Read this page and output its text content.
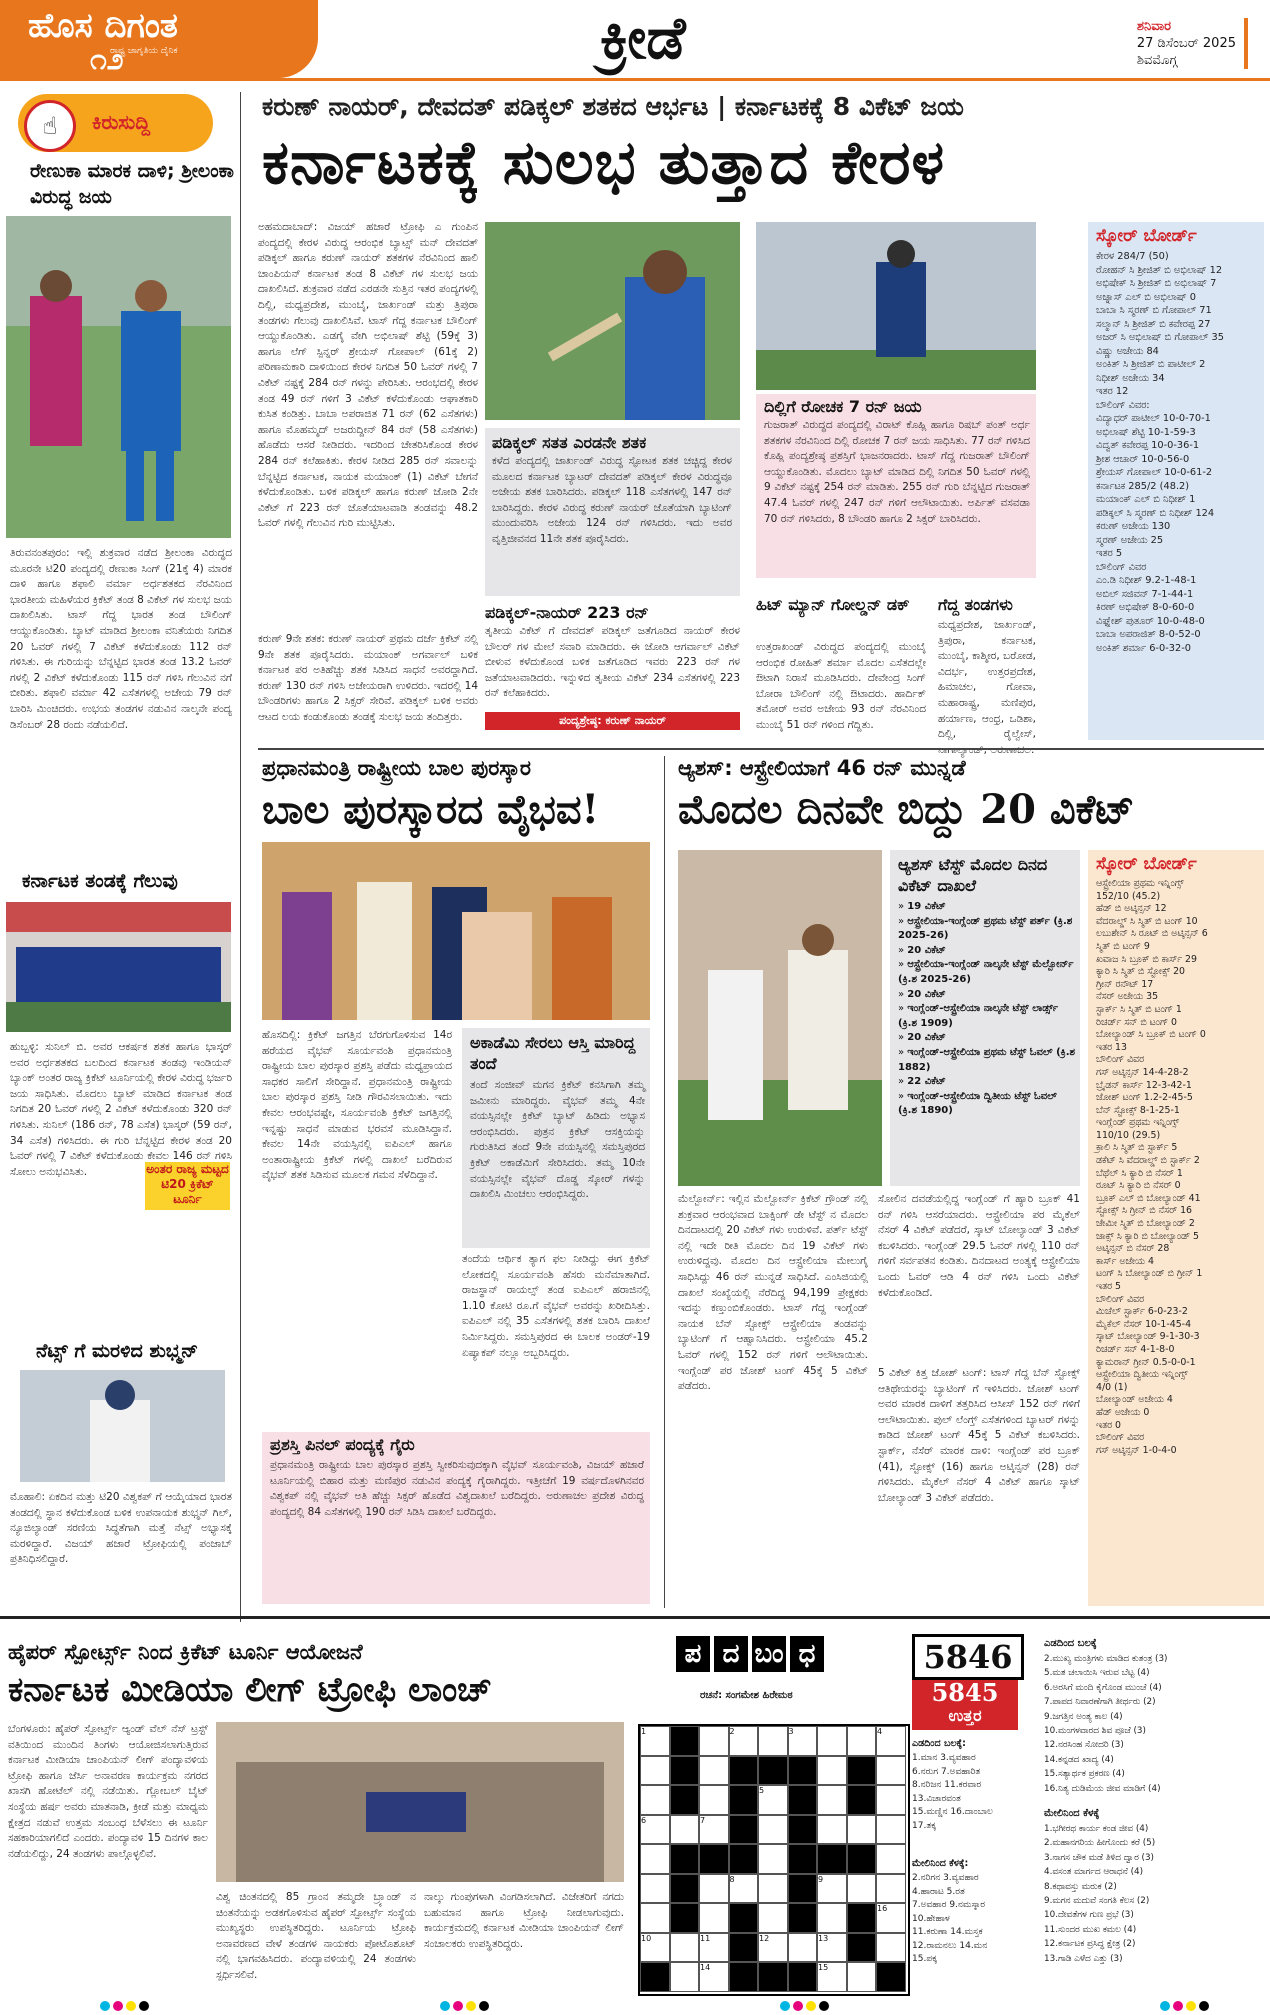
ಹೊಸ ದಿಗಂತ
೧೨
ರಾಷ್ಟ್ರ ಜಾಗೃತಿಯ ದೈನಿಕ	ಕ್ರೀಡೆ	ಶನಿವಾರ
27 ಡಿಸೆಂಬರ್ 2025
ಶಿವಮೊಗ್ಗ
☝	ಕಿರುಸುದ್ದಿ
ರೇಣುಕಾ ಮಾರಕ ದಾಳಿ; ಶ್ರೀಲಂಕಾ ವಿರುದ್ಧ ಜಯ
ತಿರುವನಂತಪುರಂ: ಇಲ್ಲಿ ಶುಕ್ರವಾರ ನಡೆದ ಶ್ರೀಲಂಕಾ ವಿರುದ್ಧದ ಮೂರನೇ ಟಿ20 ಪಂದ್ಯದಲ್ಲಿ ರೇಣುಕಾ ಸಿಂಗ್ (21ಕ್ಕೆ 4) ಮಾರಕ ದಾಳಿ ಹಾಗೂ ಶಫಾಲಿ ವರ್ಮಾ ಅರ್ಧಶತಕದ ನೆರವಿನಿಂದ ಭಾರತೀಯ ಮಹಿಳೆಯರ ಕ್ರಿಕೆಟ್ ತಂಡ 8 ವಿಕೆಟ್ ಗಳ ಸುಲಭ ಜಯ ದಾಖಲಿಸಿತು. ಟಾಸ್ ಗೆದ್ದ ಭಾರತ ತಂಡ ಬೌಲಿಂಗ್ ಆಯ್ದುಕೊಂಡಿತು. ಬ್ಯಾಟ್ ಮಾಡಿದ ಶ್ರೀಲಂಕಾ ವನಿತೆಯರು ನಿಗದಿತ 20 ಓವರ್ ಗಳಲ್ಲಿ 7 ವಿಕೆಟ್ ಕಳೆದುಕೊಂಡು 112 ರನ್ ಗಳಿಸಿತು. ಈ ಗುರಿಯನ್ನು ಬೆನ್ನಟ್ಟಿದ ಭಾರತ ತಂಡ 13.2 ಓವರ್ ಗಳಲ್ಲಿ 2 ವಿಕೆಟ್ ಕಳೆದುಕೊಂಡು 115 ರನ್ ಗಳಿಸಿ ಗೆಲುವಿನ ನಗೆ ಬೀರಿತು. ಶಫಾಲಿ ವರ್ಮಾ 42 ಎಸೆತಗಳಲ್ಲಿ ಅಜೇಯ 79 ರನ್ ಬಾರಿಸಿ ಮಿಂಚಿದರು. ಉಭಯ ತಂಡಗಳ ನಡುವಿನ ನಾಲ್ಕನೇ ಪಂದ್ಯ ಡಿಸೆಂಬರ್ 28 ರಂದು ನಡೆಯಲಿದೆ.
ಕರ್ನಾಟಕ ತಂಡಕ್ಕೆ ಗೆಲುವು
ಹುಬ್ಬಳ್ಳಿ: ಸುನಿಲ್ ಬಿ. ಅವರ ಆಕರ್ಷಕ ಶತಕ ಹಾಗೂ ಭಾಸ್ಕರ್ ಅವರ ಅರ್ಧಶತಕದ ಬಲದಿಂದ ಕರ್ನಾಟಕ ತಂಡವು ಇಂಡಿಯನ್ ಬ್ಯಾಂಕ್ ಅಂತರ ರಾಜ್ಯ ಕ್ರಿಕೆಟ್ ಟೂರ್ನಿಯಲ್ಲಿ ಕೇರಳ ವಿರುದ್ಧ ಭರ್ಜರಿ ಜಯ ಸಾಧಿಸಿತು. ಮೊದಲು ಬ್ಯಾಟ್ ಮಾಡಿದ ಕರ್ನಾಟಕ ತಂಡ ನಿಗದಿತ 20 ಓವರ್ ಗಳಲ್ಲಿ 2 ವಿಕೆಟ್ ಕಳೆದುಕೊಂಡು 320 ರನ್ ಗಳಿಸಿತು. ಸುನಿಲ್ (186 ರನ್, 78 ಎಸೆತ) ಭಾಸ್ಕರ್ (59 ರನ್, 34 ಎಸೆತ) ಗಳಿಸಿದರು. ಈ ಗುರಿ ಬೆನ್ನಟ್ಟಿದ ಕೇರಳ ತಂಡ 20 ಓವರ್ ಗಳಲ್ಲಿ 7 ವಿಕೆಟ್ ಕಳೆದುಕೊಂಡು ಕೇವಲ 146 ರನ್ ಗಳಿಸಿ ಸೋಲು ಅನುಭವಿಸಿತು.	ಅಂತರ ರಾಜ್ಯ ಮಟ್ಟದ ಟಿ20 ಕ್ರಿಕೆಟ್ ಟೂರ್ನಿ
ನೆಟ್ಸ್ ಗೆ ಮರಳಿದ ಶುಭ್ಮನ್
ಮೊಹಾಲಿ: ಏಕದಿನ ಮತ್ತು ಟಿ20 ವಿಶ್ವಕಪ್ ಗೆ ಆಯ್ಕೆಯಾದ ಭಾರತ ತಂಡದಲ್ಲಿ ಸ್ಥಾನ ಕಳೆದುಕೊಂಡ ಬಳಿಕ ಉಪನಾಯಕ ಶುಭ್ಮನ್ ಗಿಲ್, ನ್ಯೂಜಿಲ್ಯಾಂಡ್ ಸರಣಿಯ ಸಿದ್ಧತೆಗಾಗಿ ಮತ್ತೆ ನೆಟ್ಸ್ ಅಭ್ಯಾಸಕ್ಕೆ ಮರಳಿದ್ದಾರೆ. ವಿಜಯ್ ಹಜಾರೆ ಟ್ರೋಫಿಯಲ್ಲಿ ಪಂಜಾಬ್ ಪ್ರತಿನಿಧಿಸಲಿದ್ದಾರೆ.
ಕರುಣ್ ನಾಯರ್, ದೇವದತ್ ಪಡಿಕ್ಕಲ್ ಶತಕದ ಆರ್ಭಟ | ಕರ್ನಾಟಕಕ್ಕೆ 8 ವಿಕೆಟ್ ಜಯ
ಕರ್ನಾಟಕಕ್ಕೆ ಸುಲಭ ತುತ್ತಾದ ಕೇರಳ
ಅಹಮದಾಬಾದ್: ವಿಜಯ್ ಹಜಾರೆ ಟ್ರೋಫಿ ಎ ಗುಂಪಿನ ಪಂದ್ಯದಲ್ಲಿ ಕೇರಳ ವಿರುದ್ಧ ಆರಂಭಿಕ ಬ್ಯಾಟ್ಸ್ ಮನ್ ದೇವದತ್ ಪಡಿಕ್ಕಲ್ ಹಾಗೂ ಕರುಣ್ ನಾಯರ್ ಶತಕಗಳ ನೆರವಿನಿಂದ ಹಾಲಿ ಚಾಂಪಿಯನ್ ಕರ್ನಾಟಕ ತಂಡ 8 ವಿಕೆಟ್ ಗಳ ಸುಲಭ ಜಯ ದಾಖಲಿಸಿದೆ. ಶುಕ್ರವಾರ ನಡೆದ ಎರಡನೇ ಸುತ್ತಿನ ಇತರ ಪಂದ್ಯಗಳಲ್ಲಿ ದಿಲ್ಲಿ, ಮಧ್ಯಪ್ರದೇಶ, ಮುಂಬೈ, ಜಾರ್ಖಂಡ್ ಮತ್ತು ತ್ರಿಪುರಾ ತಂಡಗಳು ಗೆಲುವು ದಾಖಲಿಸಿವೆ. ಟಾಸ್ ಗೆದ್ದ ಕರ್ನಾಟಕ ಬೌಲಿಂಗ್ ಆಯ್ದುಕೊಂಡಿತು. ಎಡಗೈ ವೇಗಿ ಅಭಿಲಾಷ್ ಶೆಟ್ಟಿ (59ಕ್ಕೆ 3) ಹಾಗೂ ಲೆಗ್ ಸ್ಪಿನ್ನರ್ ಶ್ರೇಯಸ್ ಗೋಪಾಲ್ (61ಕ್ಕೆ 2) ಪರಿಣಾಮಕಾರಿ ದಾಳಿಯಿಂದ ಕೇರಳ ನಿಗದಿತ 50 ಓವರ್ ಗಳಲ್ಲಿ 7 ವಿಕೆಟ್ ನಷ್ಟಕ್ಕೆ 284 ರನ್ ಗಳನ್ನು ಪೇರಿಸಿತು. ಆರಂಭದಲ್ಲಿ ಕೇರಳ ತಂಡ 49 ರನ್ ಗಳಿಗೆ 3 ವಿಕೆಟ್ ಕಳೆದುಕೊಂಡು ಆಘಾತಕಾರಿ ಕುಸಿತ ಕಂಡಿತ್ತು. ಬಾಬಾ ಅಪರಾಜಿತ 71 ರನ್ (62 ಎಸೆತಗಳು) ಹಾಗೂ ಮೊಹಮ್ಮದ್ ಅಜರುದ್ದೀನ್ 84 ರನ್ (58 ಎಸೆತಗಳು) ಹೊಡೆದು ಆಸರೆ ನೀಡಿದರು. ಇದರಿಂದ ಚೇತರಿಸಿಕೊಂಡ ಕೇರಳ 284 ರನ್ ಕಲೆಹಾಕಿತು. ಕೇರಳ ನೀಡಿದ 285 ರನ್ ಸವಾಲನ್ನು ಬೆನ್ನಟ್ಟಿದ ಕರ್ನಾಟಕ, ನಾಯಕ ಮಯಾಂಕ್ (1) ವಿಕೆಟ್ ಬೇಗನೆ ಕಳೆದುಕೊಂಡಿತು. ಬಳಿಕ ಪಡಿಕ್ಕಲ್ ಹಾಗೂ ಕರುಣ್ ಜೋಡಿ 2ನೇ ವಿಕೆಟ್ ಗೆ 223 ರನ್ ಜೊತೆಯಾಟವಾಡಿ ತಂಡವನ್ನು 48.2 ಓವರ್ ಗಳಲ್ಲಿ ಗೆಲುವಿನ ಗುರಿ ಮುಟ್ಟಿಸಿತು.
ಕರುಣ್ 9ನೇ ಶತಕ: ಕರುಣ್ ನಾಯರ್ ಪ್ರಥಮ ದರ್ಜೆ ಕ್ರಿಕೆಟ್ ನಲ್ಲಿ 9ನೇ ಶತಕ ಪೂರೈಸಿದರು. ಮಯಾಂಕ್ ಅಗರ್ವಾಲ್ ಬಳಿಕ ಕರ್ನಾಟಕ ಪರ ಅತಿಹೆಚ್ಚು ಶತಕ ಸಿಡಿಸಿದ ಸಾಧನೆ ಅವರದ್ದಾಗಿದೆ. ಕರುಣ್ 130 ರನ್ ಗಳಿಸಿ ಅಜೇಯರಾಗಿ ಉಳಿದರು. ಇದರಲ್ಲಿ 14 ಬೌಂಡರಿಗಳು ಹಾಗೂ 2 ಸಿಕ್ಸರ್ ಸೇರಿವೆ. ಪಡಿಕ್ಕಲ್ ಬಳಿಕ ಅವರು ಆಟದ ಲಯ ಕಂಡುಕೊಂಡು ತಂಡಕ್ಕೆ ಸುಲಭ ಜಯ ತಂದಿತ್ತರು.
ಪಡಿಕ್ಕಲ್ ಸತತ ಎರಡನೇ ಶತಕ
ಕಳೆದ ಪಂದ್ಯದಲ್ಲಿ ಜಾರ್ಖಂಡ್ ವಿರುದ್ಧ ಸ್ಫೋಟಕ ಶತಕ ಚಚ್ಚಿದ್ದ ಕೇರಳ ಮೂಲದ ಕರ್ನಾಟಕ ಬ್ಯಾಟರ್ ದೇವದತ್ ಪಡಿಕ್ಕಲ್ ಕೇರಳ ವಿರುದ್ಧವೂ ಅಜೇಯ ಶತಕ ಬಾರಿಸಿದರು. ಪಡಿಕ್ಕಲ್ 118 ಎಸೆತಗಳಲ್ಲಿ 147 ರನ್ ಬಾರಿಸಿದ್ದರು. ಕೇರಳ ವಿರುದ್ಧ ಕರುಣ್ ನಾಯರ್ ಜೊತೆಯಾಗಿ ಬ್ಯಾಟಿಂಗ್ ಮುಂದುವರಿಸಿ ಅಜೇಯ 124 ರನ್ ಗಳಿಸಿದರು. ಇದು ಅವರ ವೃತ್ತಿಜೀವನದ 11ನೇ ಶತಕ ಪೂರೈಸಿದರು.
ಪಡಿಕ್ಕಲ್-ನಾಯರ್ 223 ರನ್
ತೃತೀಯ ವಿಕೆಟ್ ಗೆ ದೇವದತ್ ಪಡಿಕ್ಕಲ್ ಜತೆಗೂಡಿದ ನಾಯರ್ ಕೇರಳ ಬೌಲರ್ ಗಳ ಮೇಲೆ ಸವಾರಿ ಮಾಡಿದರು. ಈ ಜೋಡಿ ಆಗರ್ವಾಲ್ ವಿಕೆಟ್ ಬೀಳುವ ಕಳೆದುಕೊಂಡ ಬಳಿಕ ಜತೆಗೂಡಿದ ಇವರು 223 ರನ್ ಗಳ ಜತೆಯಾಟವಾಡಿದರು. ಇನ್ನುಳಿದ ತೃತೀಯ ವಿಕೆಟ್ 234 ಎಸೆತಗಳಲ್ಲಿ 223 ರನ್ ಕಲೆಹಾಕಿದರು.
ಪಂದ್ಯಶ್ರೇಷ್ಠ: ಕರುಣ್ ನಾಯರ್
ದಿಲ್ಲಿಗೆ ರೋಚಕ 7 ರನ್ ಜಯ
ಗುಜರಾತ್ ವಿರುದ್ಧದ ಪಂದ್ಯದಲ್ಲಿ ವಿರಾಟ್ ಕೊಹ್ಲಿ ಹಾಗೂ ರಿಷಬ್ ಪಂತ್ ಅರ್ಧ ಶತಕಗಳ ನೆರವಿನಿಂದ ದಿಲ್ಲಿ ರೋಚಕ 7 ರನ್ ಜಯ ಸಾಧಿಸಿತು. 77 ರನ್ ಗಳಿಸಿದ ಕೊಹ್ಲಿ ಪಂದ್ಯಶ್ರೇಷ್ಠ ಪ್ರಶಸ್ತಿಗೆ ಭಾಜನರಾದರು. ಟಾಸ್ ಗೆದ್ದ ಗುಜರಾತ್ ಬೌಲಿಂಗ್ ಆಯ್ದುಕೊಂಡಿತು. ಮೊದಲು ಬ್ಯಾಟ್ ಮಾಡಿದ ದಿಲ್ಲಿ ನಿಗದಿತ 50 ಓವರ್ ಗಳಲ್ಲಿ 9 ವಿಕೆಟ್ ನಷ್ಟಕ್ಕೆ 254 ರನ್ ಮಾಡಿತು. 255 ರನ್ ಗುರಿ ಬೆನ್ನಟ್ಟಿದ ಗುಜರಾತ್ 47.4 ಓವರ್ ಗಳಲ್ಲಿ 247 ರನ್ ಗಳಿಗೆ ಆಲೌಟಾಯಿತು. ಅರ್ಪಿತ್ ವಸವಡಾ 70 ರನ್ ಗಳಿಸಿದರು, 8 ಬೌಂಡರಿ ಹಾಗೂ 2 ಸಿಕ್ಸರ್ ಬಾರಿಸಿದರು.
ಹಿಟ್ ಮ್ಯಾನ್ ಗೋಲ್ಡನ್ ಡಕ್
ಉತ್ತರಾಖಂಡ್ ವಿರುದ್ಧದ ಪಂದ್ಯದಲ್ಲಿ ಮುಂಬೈ ಆರಂಭಿಕ ರೋಹಿತ್ ಶರ್ಮಾ ಮೊದಲ ಎಸೆತದಲ್ಲೇ ಔಟಾಗಿ ನಿರಾಸೆ ಮೂಡಿಸಿದರು. ದೇವೇಂದ್ರ ಸಿಂಗ್ ಬೋರಾ ಬೌಲಿಂಗ್ ನಲ್ಲಿ ಔಟಾದರು. ಹಾರ್ದಿಕ್ ತಮೋರ್ ಅವರ ಅಜೇಯ 93 ರನ್ ನೆರವಿನಿಂದ ಮುಂಬೈ 51 ರನ್ ಗಳಿಂದ ಗೆದ್ದಿತು.
ಗೆದ್ದ ತಂಡಗಳು
ಮಧ್ಯಪ್ರದೇಶ, ಜಾರ್ಖಂಡ್, ತ್ರಿಪುರಾ, ಕರ್ನಾಟಕ, ಮುಂಬೈ, ಕಾಶ್ಮೀರ, ಬರೋಡ, ವಿದರ್ಭ, ಉತ್ತರಪ್ರದೇಶ, ಹಿಮಾಚಲ, ಗೋವಾ, ಮಹಾರಾಷ್ಟ್ರ, ಮಣಿಪುರ, ಹರ್ಯಾಣ, ಆಂಧ್ರ, ಒಡಿಶಾ, ದಿಲ್ಲಿ, ರೈಲ್ವೇಸ್,
ಸ್ಕೋರ್ ಬೋರ್ಡ್
ಕೇರಳ 284/7 (50)
ರೋಹನ್ ಸಿ ಶ್ರೀಜಿತ್ ಬಿ ಅಭಿಲಾಷ್ 12
ಅಭಿಷೇಕ್ ಸಿ ಶ್ರೀಜಿತ್ ಬಿ ಅಭಿಲಾಷ್ 7
ಅಜ್ನಾಸ್ ಎಲ್ ಬಿ ಅಭಿಲಾಷ್ 0
ಬಾಬಾ ಸಿ ಸ್ಮರಣ್ ಬಿ ಗೋಪಾಲ್ 71
ಸಲ್ಮಾನ್ ಸಿ ಶ್ರೀಜಿತ್ ಬಿ ಕವೇರಪ್ಪ 27
ಅಜರ್ ಸಿ ಅಭಿಲಾಷ್ ಬಿ ಗೋಪಾಲ್ 35
ವಿಷ್ಣು ಅಜೇಯ 84
ಅಂಕಿತ್ ಸಿ ಶ್ರೀಜಿತ್ ಬಿ ಪಾಟೀಲ್ 2
ನಿಧೀಶ್ ಅಜೇಯ 34
ಇತರ 12
ಬೌಲಿಂಗ್ ವಿವರ:
ವಿದ್ಯಾಧರ್ ಪಾಟೀಲ್ 10-0-70-1
ಅಭಿಲಾಷ್ ಶೆಟ್ಟಿ 10-1-59-3
ವಿದ್ವತ್ ಕವೇರಪ್ಪ 10-0-36-1
ಶ್ರೀಶ ಆಚಾರ್ 10-0-56-0
ಶ್ರೇಯಸ್ ಗೋಪಾಲ್ 10-0-61-2
ಕರ್ನಾಟಕ 285/2 (48.2)
ಮಯಾಂಕ್ ಎಲ್ ಬಿ ನಿಧೀಶ್ 1
ಪಡಿಕ್ಕಲ್ ಸಿ ಸ್ಮರಣ್ ಬಿ ನಿಧೀಶ್ 124
ಕರುಣ್ ಅಜೇಯ 130
ಸ್ಮರಣ್ ಅಜೇಯ 25
ಇತರ 5
ಬೌಲಿಂಗ್ ವಿವರ
ಎಂ.ಡಿ ನಿಧೀಶ್ 9.2-1-48-1
ಅಬಿಲ್ ಸಜಿವನ್ 7-1-44-1
ಕಿರಣ್ ಅಭಿಷೇಕ್ 8-0-60-0
ವಿಘ್ನೇಶ್ ಪುತೂರ್ 10-0-48-0
ಬಾಬಾ ಅಪರಾಜಿತ್ 8-0-52-0
ಅಂಕಿತ್ ಶರ್ಮಾ 6-0-32-0
ಪ್ರಧಾನಮಂತ್ರಿ ರಾಷ್ಟ್ರೀಯ ಬಾಲ ಪುರಸ್ಕಾರ
ಬಾಲ ಪುರಸ್ಕಾರದ ವೈಭವ!
ಹೊಸದಿಲ್ಲಿ: ಕ್ರಿಕೆಟ್ ಜಗತ್ತಿನ ಬೆರಗುಗೊಳಿಸುವ 14ರ ಹರೆಯದ ವೈಭವ್ ಸೂರ್ಯವಂಶಿ ಪ್ರಧಾನಮಂತ್ರಿ ರಾಷ್ಟ್ರೀಯ ಬಾಲ ಪುರಸ್ಕಾರ ಪ್ರಶಸ್ತಿ ಪಡೆದು ಮಧ್ಯಪ್ರಾಯದ ಸಾಧಕರ ಸಾಲಿಗೆ ಸೇರಿದ್ದಾನೆ. ಪ್ರಧಾನಮಂತ್ರಿ ರಾಷ್ಟ್ರೀಯ ಬಾಲ ಪುರಸ್ಕಾರ ಪ್ರಶಸ್ತಿ ನೀಡಿ ಗೌರವಿಸಲಾಯಿತು. ಇದು ಕೇವಲ ಆರಂಭವಷ್ಟೇ, ಸೂರ್ಯವಂಶಿ ಕ್ರಿಕೆಟ್ ಜಗತ್ತಿನಲ್ಲಿ ಇನ್ನಷ್ಟು ಸಾಧನೆ ಮಾಡುವ ಭರವಸೆ ಮೂಡಿಸಿದ್ದಾನೆ. ಕೇವಲ 14ನೇ ವಯಸ್ಸಿನಲ್ಲಿ ಐಪಿಎಲ್ ಹಾಗೂ ಅಂತಾರಾಷ್ಟ್ರೀಯ ಕ್ರಿಕೆಟ್ ಗಳಲ್ಲಿ ದಾಖಲೆ ಬರೆದಿರುವ ವೈಭವ್ ಶತಕ ಸಿಡಿಸುವ ಮೂಲಕ ಗಮನ ಸೆಳೆದಿದ್ದಾನೆ.
ಅಕಾಡೆಮಿ ಸೇರಲು ಆಸ್ತಿ ಮಾರಿದ್ದ ತಂದೆ
ತಂದೆ ಸಂಜೀವ್ ಮಗನ ಕ್ರಿಕೆಟ್ ಕನಸಿಗಾಗಿ ತಮ್ಮ ಜಮೀನು ಮಾರಿದ್ದರು. ವೈಭವ್ ತಮ್ಮ 4ನೇ ವಯಸ್ಸಿನಲ್ಲೇ ಕ್ರಿಕೆಟ್ ಬ್ಯಾಟ್ ಹಿಡಿದು ಅಭ್ಯಾಸ ಆರಂಭಿಸಿದರು. ಪುತ್ರನ ಕ್ರಿಕೆಟ್ ಆಸಕ್ತಿಯನ್ನು ಗುರುತಿಸಿದ ತಂದೆ 9ನೇ ವಯಸ್ಸಿನಲ್ಲಿ ಸಮಸ್ತಿಪುರದ ಕ್ರಿಕೆಟ್ ಅಕಾಡೆಮಿಗೆ ಸೇರಿಸಿದರು. ತಮ್ಮ 10ನೇ ವಯಸ್ಸಿನಲ್ಲೇ ವೈಭವ್ ದೊಡ್ಡ ಸ್ಕೋರ್ ಗಳನ್ನು ದಾಖಲಿಸಿ ಮಿಂಚಲು ಆರಂಭಿಸಿದ್ದರು.
ತಂದೆಯ ಆರ್ಥಿಕ ತ್ಯಾಗ ಫಲ ನೀಡಿದ್ದು ಈಗ ಕ್ರಿಕೆಟ್ ಲೋಕದಲ್ಲಿ ಸೂರ್ಯವಂಶಿ ಹೆಸರು ಮನೆಮಾತಾಗಿದೆ. ರಾಜಸ್ಥಾನ್ ರಾಯಲ್ಸ್ ತಂಡ ಐಪಿಎಲ್ ಹರಾಜಿನಲ್ಲಿ 1.10 ಕೋಟಿ ರೂ.ಗೆ ವೈಭವ್ ಅವರನ್ನು ಖರೀದಿಸಿತ್ತು. ಐಪಿಎಲ್ ನಲ್ಲಿ 35 ಎಸೆತಗಳಲ್ಲಿ ಶತಕ ಬಾರಿಸಿ ದಾಖಲೆ ನಿರ್ಮಿಸಿದ್ದರು. ಸಮಸ್ತಿಪುರದ ಈ ಬಾಲಕ ಅಂಡರ್-19 ಏಷ್ಯಾಕಪ್ ನಲ್ಲೂ ಅಬ್ಬರಿಸಿದ್ದರು.
ಪ್ರಶಸ್ತಿ ಪಿನಲ್ ಪಂದ್ಯಕ್ಕೆ ಗೈರು
ಪ್ರಧಾನಮಂತ್ರಿ ರಾಷ್ಟ್ರೀಯ ಬಾಲ ಪುರಸ್ಕಾರ ಪ್ರಶಸ್ತಿ ಸ್ವೀಕರಿಸುವುದಕ್ಕಾಗಿ ವೈಭವ್ ಸೂರ್ಯವಂಶಿ, ವಿಜಯ್ ಹಜಾರೆ ಟೂರ್ನಿಯಲ್ಲಿ ಬಿಹಾರ ಮತ್ತು ಮಣಿಪುರ ನಡುವಿನ ಪಂದ್ಯಕ್ಕೆ ಗೈರಾಗಿದ್ದರು. ಇತ್ತೀಚೆಗೆ 19 ವರ್ಷದೊಳಗಿನವರ ವಿಶ್ವಕಪ್ ನಲ್ಲಿ ವೈಭವ್ ಅತಿ ಹೆಚ್ಚು ಸಿಕ್ಸರ್ ಹೊಡೆದ ವಿಶ್ವದಾಖಲೆ ಬರೆದಿದ್ದರು. ಅರುಣಾಚಲ ಪ್ರದೇಶ ವಿರುದ್ಧ ಪಂದ್ಯದಲ್ಲಿ 84 ಎಸೆತಗಳಲ್ಲಿ 190 ರನ್ ಸಿಡಿಸಿ ದಾಖಲೆ ಬರೆದಿದ್ದರು.
ಆ್ಯಶಸ್: ಆಸ್ಟ್ರೇಲಿಯಾಗೆ 46 ರನ್ ಮುನ್ನಡೆ
ಮೊದಲ ದಿನವೇ ಬಿದ್ದು 20 ವಿಕೆಟ್
ಆ್ಯಶಸ್ ಟೆಸ್ಟ್ ಮೊದಲ ದಿನದ ವಿಕೆಟ್ ದಾಖಲೆ
» 19 ವಿಕೆಟ್
» ಆಸ್ಟ್ರೇಲಿಯಾ-ಇಂಗ್ಲೆಂಡ್ ಪ್ರಥಮ ಟೆಸ್ಟ್ ಪರ್ತ್ (ಕ್ರಿ.ಶ 2025-26)
» 20 ವಿಕೆಟ್
» ಆಸ್ಟ್ರೇಲಿಯಾ-ಇಂಗ್ಲೆಂಡ್ ನಾಲ್ಕನೇ ಟೆಸ್ಟ್ ಮೆಲ್ಬೋರ್ನ್ (ಕ್ರಿ.ಶ 2025-26)
» 20 ವಿಕೆಟ್
» ಇಂಗ್ಲೆಂಡ್-ಆಸ್ಟ್ರೇಲಿಯಾ ನಾಲ್ಕನೇ ಟೆಸ್ಟ್ ಲಾರ್ಡ್ಸ್ (ಕ್ರಿ.ಶ 1909)
» 20 ವಿಕೆಟ್
» ಇಂಗ್ಲೆಂಡ್-ಆಸ್ಟ್ರೇಲಿಯಾ ಪ್ರಥಮ ಟೆಸ್ಟ್ ಓವಲ್ (ಕ್ರಿ.ಶ 1882)
» 22 ವಿಕೆಟ್
» ಇಂಗ್ಲೆಂಡ್-ಆಸ್ಟ್ರೇಲಿಯಾ ದ್ವಿತೀಯ ಟೆಸ್ಟ್ ಓವಲ್ (ಕ್ರಿ.ಶ 1890)
ಮೆಲ್ಬೋರ್ನ್: ಇಲ್ಲಿನ ಮೆಲ್ಬೋರ್ನ್ ಕ್ರಿಕೆಟ್ ಗ್ರೌಂಡ್ ನಲ್ಲಿ ಶುಕ್ರವಾರ ಆರಂಭವಾದ ಬಾಕ್ಸಿಂಗ್ ಡೇ ಟೆಸ್ಟ್ ನ ಮೊದಲ ದಿನದಾಟದಲ್ಲಿ 20 ವಿಕೆಟ್ ಗಳು ಉರುಳಿವೆ. ಪರ್ತ್ ಟೆಸ್ಟ್ ನಲ್ಲಿ ಇದೇ ರೀತಿ ಮೊದಲ ದಿನ 19 ವಿಕೆಟ್ ಗಳು ಉರುಳಿದ್ದವು. ಮೊದಲ ದಿನ ಆಸ್ಟ್ರೇಲಿಯಾ ಮೇಲುಗೈ ಸಾಧಿಸಿದ್ದು 46 ರನ್ ಮುನ್ನಡೆ ಸಾಧಿಸಿದೆ. ಎಂಸಿಜಿಯಲ್ಲಿ ದಾಖಲೆ ಸಂಖ್ಯೆಯಲ್ಲಿ ನೆರೆದಿದ್ದ 94,199 ಪ್ರೇಕ್ಷಕರು ಇದನ್ನು ಕಣ್ತುಂಬಿಕೊಂಡರು. ಟಾಸ್ ಗೆದ್ದ ಇಂಗ್ಲೆಂಡ್ ನಾಯಕ ಬೆನ್ ಸ್ಟೋಕ್ಸ್ ಆಸ್ಟ್ರೇಲಿಯಾ ತಂಡವನ್ನು ಬ್ಯಾಟಿಂಗ್ ಗೆ ಆಹ್ವಾನಿಸಿದರು. ಆಸ್ಟ್ರೇಲಿಯಾ 45.2 ಓವರ್ ಗಳಲ್ಲಿ 152 ರನ್ ಗಳಿಗೆ ಆಲೌಟಾಯಿತು. ಇಂಗ್ಲೆಂಡ್ ಪರ ಜೋಶ್ ಟಂಗ್ 45ಕ್ಕೆ 5 ವಿಕೆಟ್ ಪಡೆದರು.
ಸೋಲಿನ ದವಡೆಯಲ್ಲಿದ್ದ ಇಂಗ್ಲೆಂಡ್ ಗೆ ಹ್ಯಾರಿ ಬ್ರೂಕ್ 41 ರನ್ ಗಳಿಸಿ ಆಸರೆಯಾದರು. ಆಸ್ಟ್ರೇಲಿಯಾ ಪರ ಮೈಕೆಲ್ ನೆಸರ್ 4 ವಿಕೆಟ್ ಪಡೆದರೆ, ಸ್ಕಾಟ್ ಬೋಲ್ಯಾಂಡ್ 3 ವಿಕೆಟ್ ಕಬಳಿಸಿದರು. ಇಂಗ್ಲೆಂಡ್ 29.5 ಓವರ್ ಗಳಲ್ಲಿ 110 ರನ್ ಗಳಿಗೆ ಸರ್ವಪತನ ಕಂಡಿತು. ದಿನದಾಟದ ಅಂತ್ಯಕ್ಕೆ ಆಸ್ಟ್ರೇಲಿಯಾ ಒಂದು ಓವರ್ ಆಡಿ 4 ರನ್ ಗಳಿಸಿ ಒಂದು ವಿಕೆಟ್ ಕಳೆದುಕೊಂಡಿದೆ.
5 ವಿಕೆಟ್ ಕಿತ್ತ ಜೋಶ್ ಟಂಗ್: ಟಾಸ್ ಗೆದ್ದ ಬೆನ್ ಸ್ಟೋಕ್ಸ್ ಆತಿಥೇಯರನ್ನು ಬ್ಯಾಟಿಂಗ್ ಗೆ ಇಳಿಸಿದರು. ಜೋಶ್ ಟಂಗ್ ಅವರ ಮಾರಕ ದಾಳಿಗೆ ತತ್ತರಿಸಿದ ಆಸೀಸ್ 152 ರನ್ ಗಳಿಗೆ ಆಲೌಟಾಯಿತು. ಪುಲ್ ಲೆಂಗ್ತ್ ಎಸೆತಗಳಿಂದ ಬ್ಯಾಟರ್ ಗಳನ್ನು ಕಾಡಿದ ಜೋಶ್ ಟಂಗ್ 45ಕ್ಕೆ 5 ವಿಕೆಟ್ ಕಬಳಿಸಿದರು. ಸ್ಟಾರ್ಕ್, ನೆಸೆರ್ ಮಾರಕ ದಾಳಿ: ಇಂಗ್ಲೆಂಡ್ ಪರ ಬ್ರೂಕ್ (41), ಸ್ಟೋಕ್ಸ್ (16) ಹಾಗೂ ಅಟ್ಕಿನ್ಸನ್ (28) ರನ್ ಗಳಿಸಿದರು. ಮೈಕೆಲ್ ನೆಸರ್ 4 ವಿಕೆಟ್ ಹಾಗೂ ಸ್ಕಾಟ್ ಬೋಲ್ಯಾಂಡ್ 3 ವಿಕೆಟ್ ಪಡೆದರು.
ಸ್ಕೋರ್ ಬೋರ್ಡ್
ಆಸ್ಟ್ರೇಲಿಯಾ ಪ್ರಥಮ ಇನ್ನಿಂಗ್ಸ್
152/10 (45.2)
ಹೆಡ್ ಬಿ ಅಟ್ಕಿನ್ಸನ್ 12
ವೆದರಾಲ್ಡ್ ಸಿ ಸ್ಮಿತ್ ಬಿ ಟಂಗ್ 10
ಲಬುಶೇನ್ ಸಿ ರೂಟ್ ಬಿ ಅಟ್ಕಿನ್ಸನ್ 6
ಸ್ಮಿತ್ ಬಿ ಟಂಗ್ 9
ಖವಾಜ ಸಿ ಬ್ರೂಕ್ ಬಿ ಕಾರ್ಸ್ 29
ಕ್ಯಾರಿ ಸಿ ಸ್ಮಿತ್ ಬಿ ಸ್ಟೋಕ್ಸ್ 20
ಗ್ರೀನ್ ರನೌಟ್ 17
ನೆಸರ್ ಅಜೇಯ 35
ಸ್ಟಾರ್ಕ್ ಸಿ ಸ್ಮಿತ್ ಬಿ ಟಂಗ್ 1
ರಿಚರ್ಡ್ ಸನ್ ಬಿ ಟಂಗ್ 0
ಬೋಲ್ಯಾಂಡ್ ಸಿ ಬ್ರೂಕ್ ಬಿ ಟಂಗ್ 0
ಇತರ 13
ಬೌಲಿಂಗ್ ವಿವರ
ಗಸ್ ಅಟ್ಕಿನ್ಸನ್ 14-4-28-2
ಬ್ರೈಡನ್ ಕಾರ್ಸ್ 12-3-42-1
ಜೋಶ್ ಟಂಗ್ 1.2-2-45-5
ಬೆನ್ ಸ್ಟೋಕ್ಸ್ 8-1-25-1
ಇಂಗ್ಲೆಂಡ್ ಪ್ರಥಮ ಇನ್ನಿಂಗ್ಸ್
110/10 (29.5)
ಕ್ರಾಲಿ ಸಿ ಸ್ಮಿತ್ ಬಿ ಸ್ಟಾರ್ಕ್ 5
ಡಕೆಟ್ ಸಿ ವೆದರಾಲ್ಡ್ ಬಿ ಸ್ಟಾರ್ಕ್ 2
ಬೆಥೆಲ್ ಸಿ ಕ್ಯಾರಿ ಬಿ ನೆಸರ್ 1
ರೂಟ್ ಸಿ ಕ್ಯಾರಿ ಬಿ ನೆಸರ್ 0
ಬ್ರೂಕ್ ಎಲ್ ಬಿ ಬೋಲ್ಯಾಂಡ್ 41
ಸ್ಟೋಕ್ಸ್ ಸಿ ಗ್ರೀನ್ ಬಿ ನೆಸರ್ 16
ಜೇಮೀ ಸ್ಮಿತ್ ಬಿ ಬೋಲ್ಯಾಂಡ್ 2
ಜಾಕ್ಸ್ ಸಿ ಕ್ಯಾರಿ ಬಿ ಬೋಲ್ಯಾಂಡ್ 5
ಅಟ್ಕಿನ್ಸನ್ ಬಿ ನೆಸರ್ 28
ಕಾರ್ಸ್ ಅಜೇಯ 4
ಟಂಗ್ ಸಿ ಬೋಲ್ಯಾಂಡ್ ಬಿ ಗ್ರೀನ್ 1
ಇತರ 5
ಬೌಲಿಂಗ್ ವಿವರ
ಮಿಚೆಲ್ ಸ್ಟಾರ್ಕ್ 6-0-23-2
ಮೈಕೆಲ್ ನೆಸರ್ 10-1-45-4
ಸ್ಕಾಟ್ ಬೋಲ್ಯಾಂಡ್ 9-1-30-3
ರಿಚರ್ಡ್ ಸನ್ 4-1-8-0
ಕ್ಯಾಮರಾನ್ ಗ್ರೀನ್ 0.5-0-0-1
ಆಸ್ಟ್ರೇಲಿಯಾ ದ್ವಿತೀಯ ಇನ್ನಿಂಗ್ಸ್
4/0 (1)
ಬೋಲ್ಯಾಂಡ್ ಅಜೇಯ 4
ಹೆಡ್ ಅಜೇಯ 0
ಇತರ 0
ಬೌಲಿಂಗ್ ವಿವರ
ಗಸ್ ಅಟ್ಕಿನ್ಸನ್ 1-0-4-0
ಹೈಪರ್ ಸ್ಪೋರ್ಟ್ಸ್ ನಿಂದ ಕ್ರಿಕೆಟ್ ಟೂರ್ನಿ ಆಯೋಜನೆ
ಕರ್ನಾಟಕ ಮೀಡಿಯಾ ಲೀಗ್ ಟ್ರೋಫಿ ಲಾಂಚ್
ಬೆಂಗಳೂರು: ಹೈಪರ್ ಸ್ಪೋರ್ಟ್ಸ್ ಆ್ಯಂಡ್ ವೆಲ್ ನೆಸ್ ಟ್ರಸ್ಟ್ ವತಿಯಿಂದ ಮುಂದಿನ ತಿಂಗಳು ಆಯೋಜಿಸಲಾಗುತ್ತಿರುವ ಕರ್ನಾಟಕ ಮೀಡಿಯಾ ಚಾಂಪಿಯನ್ ಲೀಗ್ ಪಂದ್ಯಾವಳಿಯ ಟ್ರೋಫಿ ಹಾಗೂ ಜೆರ್ಸಿ ಅನಾವರಣ ಕಾರ್ಯಕ್ರಮ ನಗರದ ಖಾಸಗಿ ಹೋಟೆಲ್ ನಲ್ಲಿ ನಡೆಯಿತು. ಗ್ಲೋಬಲ್ ಬೈಟ್ ಸಂಸ್ಥೆಯ ಹರ್ಷ ಅವರು ಮಾತನಾಡಿ, ಕ್ರೀಡೆ ಮತ್ತು ಮಾಧ್ಯಮ ಕ್ಷೇತ್ರದ ನಡುವೆ ಉತ್ತಮ ಸಂಬಂಧ ಬೆಳೆಸಲು ಈ ಟೂರ್ನಿ ಸಹಕಾರಿಯಾಗಲಿದೆ ಎಂದರು. ಪಂದ್ಯಾವಳಿ 15 ದಿನಗಳ ಕಾಲ ನಡೆಯಲಿದ್ದು, 24 ತಂಡಗಳು ಪಾಲ್ಗೊಳ್ಳಲಿವೆ.
ವಿಶ್ವ ಚಿಂತನದಲ್ಲಿ 85 ಗ್ರಾಂನ ತಮ್ಮದೇ ಬ್ರ್ಯಾಂಡ್ ನ ಚಿಂತನೆಯನ್ನು ಅಡಕಗೊಳಿಸುವ ಹೈಪರ್ ಸ್ಪೋರ್ಟ್ಸ್ ಸಂಸ್ಥೆಯ ಮುಖ್ಯಸ್ಥರು ಉಪಸ್ಥಿತರಿದ್ದರು. ಟೂರ್ನಿಯ ಟ್ರೋಫಿ ಅನಾವರಣದ ವೇಳೆ ತಂಡಗಳ ನಾಯಕರು ಪೋಟೊಶೂಟ್ ನಲ್ಲಿ ಭಾಗವಹಿಸಿದರು. ಪಂದ್ಯಾವಳಿಯಲ್ಲಿ 24 ತಂಡಗಳು ಸ್ಪರ್ಧಿಸಲಿವೆ.
ನಾಲ್ಕು ಗುಂಪುಗಳಾಗಿ ವಿಂಗಡಿಸಲಾಗಿದೆ. ವಿಜೇತರಿಗೆ ನಗದು ಬಹುಮಾನ ಹಾಗೂ ಟ್ರೋಫಿ ನೀಡಲಾಗುವುದು. ಕಾರ್ಯಕ್ರಮದಲ್ಲಿ ಕರ್ನಾಟಕ ಮೀಡಿಯಾ ಚಾಂಪಿಯನ್ ಲೀಗ್ ಸಂಚಾಲಕರು ಉಪಸ್ಥಿತರಿದ್ದರು.
ಪ ದ ಬಂ ಧ
ರಚನೆ: ಸಂಗಮೇಶ ಹಿರೇಮಠ
1	2	3	4
5
6	7
8	9
16
10	11	12	13
14	15
5846
5845
ಉತ್ತರ
ಎಡದಿಂದ ಬಲಕ್ಕೆ:
1.ಮಾನ 3.ವ್ಯವಹಾರ
6.ನರುಗ 7.ಅವಹಾರಿತ
8.ನರಿಜನ 11.ಕರವಾರ
13.ವಿಚಾರವಂತ
15.ಮಣ್ಣಿನ 16.ದಾಂಬಾಲ
17.ತಕ್ಕ
ಮೇಲಿನಿಂದ ಕೆಳಕ್ಕೆ:
2.ನರಿಗನ 3.ವ್ಯವಹಾರ
4.ಹಾರಾಟ 5.ರತ
7.ಅವಹಾರ 9.ನಮಸ್ಕಾರ
10.ಹೇಹಾಳ
11.ಕರುಣಾ 14.ಮಸ್ತಕ
12.ರಾಮನಲು 14.ಮನ
15.ಪಕ್ಕ
ಎಡದಿಂದ ಬಲಕ್ಕೆ
2.ಮುಖ್ಯ ಮಂತ್ರಿಗಳು ಮಾಡಿದ ಕುತಂತ್ರ (3)
5.ಮತ ಚಲಾಯಿಸಿ ಇರುವ ಬೆಟ್ಟ (4)
6.ಅರಸಿಗೆ ಮಂದಿ ಕೈಗೊಂಡ ಮುಂಚೆ (4)
7.ಪಾಪದ ನಿವಾರಣೆಗಾಗಿ ತೀರ್ಥರು (2)
9.ಜಗತ್ತಿನ ಅಂತ್ಯ ಕಾಲ (4)
10.ಮಂಗಳವಾರದ ಶಿವ ಪೂಜೆ (3)
12.ನರಸಿಂಹ ಸೋದರಿ (3)
14.ಕನ್ನಡದ ಖಾದ್ಯ (4)
15.ಸತ್ಯಾರ್ಥಕ ಪ್ರಕರಣ (4)
16.ನಿತ್ಯ ದುಡಿಮೆಯ ಜೀವ ಮಾಡಿಗೆ (4)
ಮೇಲಿನಿಂದ ಕೆಳಕ್ಕೆ
1.ಭಗೀರಥ ಕಾರ್ಯ ಕಂಡ ಜೀವ (4)
2.ಮಹಾನಗರಿಯ ಹೀಗೊಂದು ಕರೆ (5)
3.ನಾಗಸ ಚೌಕ ಮಡೆ ತಿಳಿದ ದ್ವಾರ (3)
4.ವಸಂತ ಮಾರ್ಗದ ಆರಾಧನೆ (4)
8.ಕಥಾವಸ್ತು ಮರುಕ (2)
9.ಮಗನ ಮದುವೆ ಸಂಗತಿ ಕೆಲಸ (2)
10.ದೇವತೆಗಳ ಗುಣ ಪ್ರಭೆ (3)
11.ಸುಂದರ ಮುಖ ಕಮಲ (4)
12.ಕರ್ನಾಟಕ ಪ್ರಸಿದ್ಧ ಕ್ಷೇತ್ರ (2)
13.ಗಾಡಿ ಎಳೆದ ಎತ್ತು (3)
